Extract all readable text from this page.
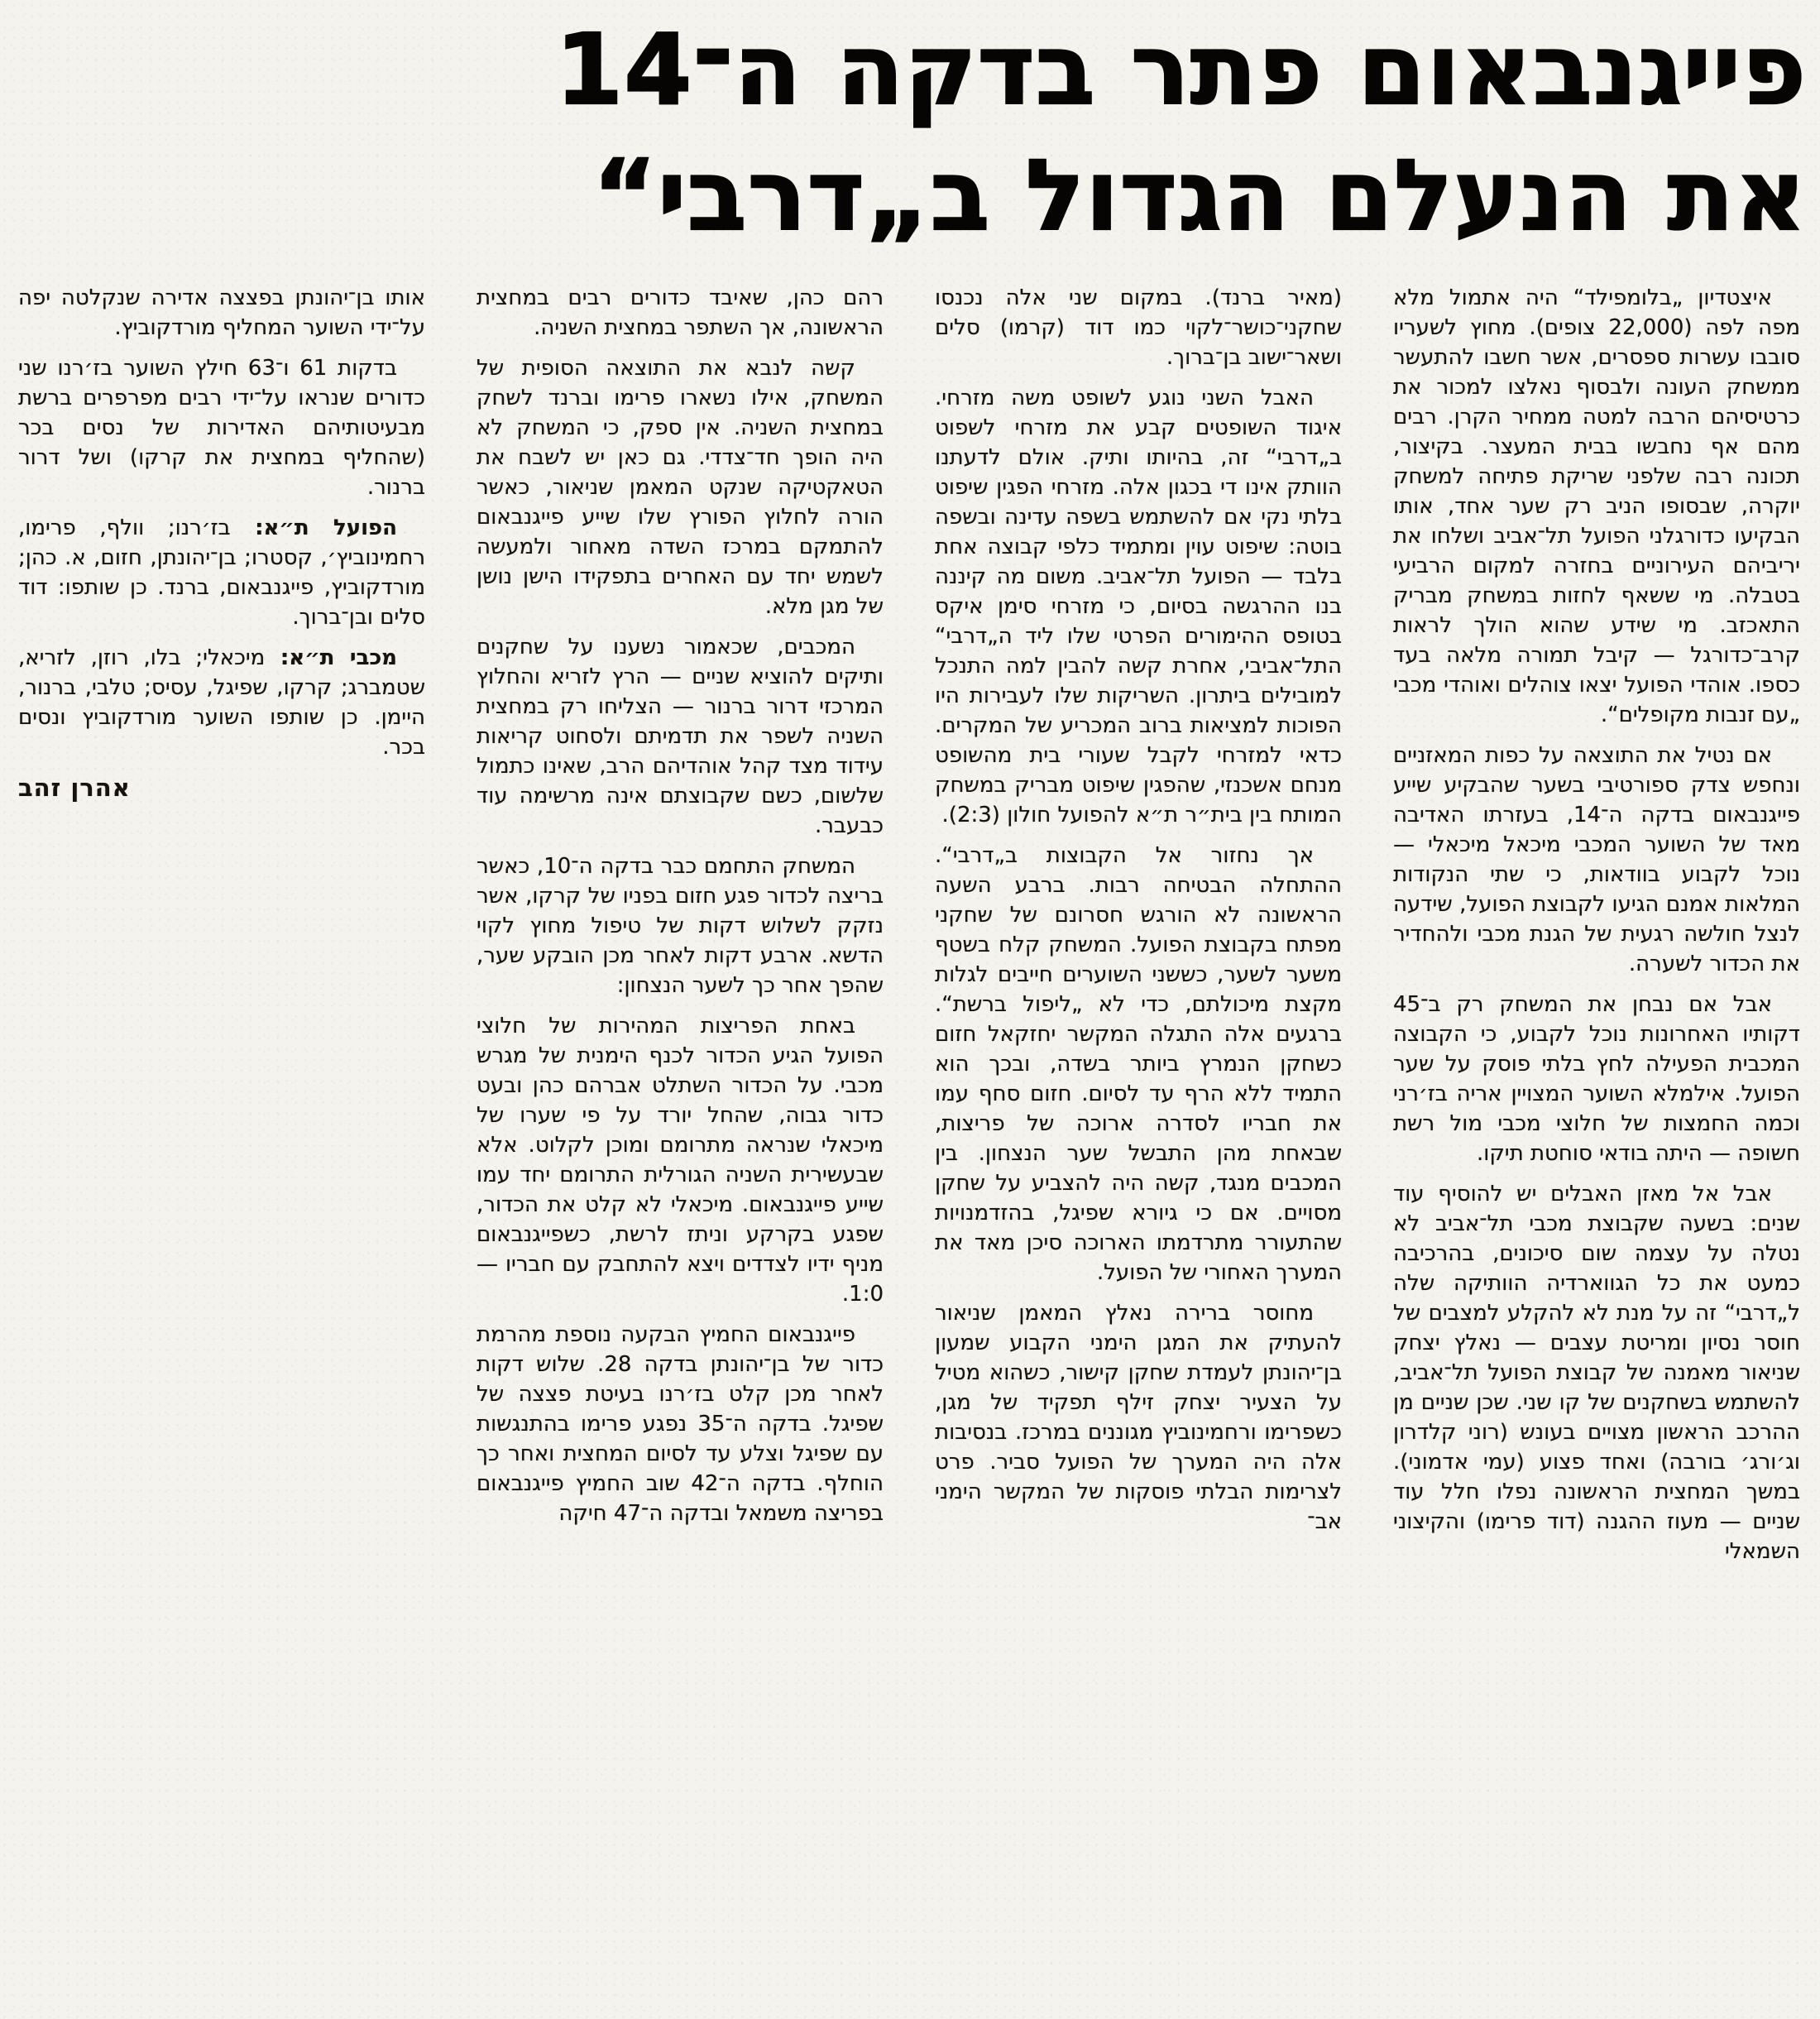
פייגנבאום פתר בדקה ה־14
את הנעלם הגדול ב„דרבי“

איצטדיון „בלומפילד“ היה אתמול מלא מפה לפה (22,000 צופים). מחוץ לשעריו סובבו עשרות ספסרים, אשר חשבו להתעשר ממשחק העונה ולבסוף נאלצו למכור את כרטיסיהם הרבה למטה ממחיר הקרן. רבים מהם אף נחבשו בבית המעצר. בקיצור, תכונה רבה שלפני שריקת פתיחה למשחק יוקרה, שבסופו הניב רק שער אחד, אותו הבקיעו כדורגלני הפועל תל־אביב ושלחו את יריביהם העירוניים בחזרה למקום הרביעי בטבלה. מי ששאף לחזות במשחק מבריק התאכזב. מי שידע שהוא הולך לראות קרב־כדורגל — קיבל תמורה מלאה בעד כספו. אוהדי הפועל יצאו צוהלים ואוהדי מכבי „עם זנבות מקופלים“.

אם נטיל את התוצאה על כפות המאזניים ונחפש צדק ספורטיבי בשער שהבקיע שייע פייגנבאום בדקה ה־14, בעזרתו האדיבה מאד של השוער המכבי מיכאל מיכאלי — נוכל לקבוע בוודאות, כי שתי הנקודות המלאות אמנם הגיעו לקבוצת הפועל, שידעה לנצל חולשה רגעית של הגנת מכבי ולהחדיר את הכדור לשערה.

אבל אם נבחן את המשחק רק ב־45 דקותיו האחרונות נוכל לקבוע, כי הקבוצה המכבית הפעילה לחץ בלתי פוסק על שער הפועל. אילמלא השוער המצויין אריה בז׳רני וכמה החמצות של חלוצי מכבי מול רשת חשופה — היתה בודאי סוחטת תיקו.

אבל אל מאזן האבלים יש להוסיף עוד שנים: בשעה שקבוצת מכבי תל־אביב לא נטלה על עצמה שום סיכונים, בהרכיבה כמעט את כל הגווארדיה הוותיקה שלה ל„דרבי“ זה על מנת לא להקלע למצבים של חוסר נסיון ומריטת עצבים — נאלץ יצחק שניאור מאמנה של קבוצת הפועל תל־אביב, להשתמש בשחקנים של קו שני. שכן שניים מן ההרכב הראשון מצויים בעונש (רוני קלדרון וג׳ורג׳ בורבה) ואחד פצוע (עמי אדמוני). במשך המחצית הראשונה נפלו חלל עוד שניים — מעוז ההגנה (דוד פרימו) והקיצוני השמאלי

(מאיר ברנד). במקום שני אלה נכנסו שחקני־כושר־לקוי כמו דוד (קרמו) סלים ושאר־ישוב בן־ברוך.

האבל השני נוגע לשופט משה מזרחי. איגוד השופטים קבע את מזרחי לשפוט ב„דרבי“ זה, בהיותו ותיק. אולם לדעתנו הוותק אינו די בכגון אלה. מזרחי הפגין שיפוט בלתי נקי אם להשתמש בשפה עדינה ובשפה בוטה: שיפוט עוין ומתמיד כלפי קבוצה אחת בלבד — הפועל תל־אביב. משום מה קיננה בנו ההרגשה בסיום, כי מזרחי סימן איקס בטופס ההימורים הפרטי שלו ליד ה„דרבי“ התל־אביבי, אחרת קשה להבין למה התנכל למובילים ביתרון. השריקות שלו לעבירות היו הפוכות למציאות ברוב המכריע של המקרים. כדאי למזרחי לקבל שעורי בית מהשופט מנחם אשכנזי, שהפגין שיפוט מבריק במשחק המותח בין בית״ר ת״א להפועל חולון (2:3).

אך נחזור אל הקבוצות ב„דרבי“. ההתחלה הבטיחה רבות. ברבע השעה הראשונה לא הורגש חסרונם של שחקני מפתח בקבוצת הפועל. המשחק קלח בשטף משער לשער, כששני השוערים חייבים לגלות מקצת מיכולתם, כדי לא „ליפול ברשת“. ברגעים אלה התגלה המקשר יחזקאל חזום כשחקן הנמרץ ביותר בשדה, ובכך הוא התמיד ללא הרף עד לסיום. חזום סחף עמו את חבריו לסדרה ארוכה של פריצות, שבאחת מהן התבשל שער הנצחון. בין המכבים מנגד, קשה היה להצביע על שחקן מסויים. אם כי גיורא שפיגל, בהזדמנויות שהתעורר מתרדמתו הארוכה סיכן מאד את המערך האחורי של הפועל.

מחוסר ברירה נאלץ המאמן שניאור להעתיק את המגן הימני הקבוע שמעון בן־יהונתן לעמדת שחקן קישור, כשהוא מטיל על הצעיר יצחק זילף תפקיד של מגן, כשפרימו ורחמינוביץ מגוננים במרכז. בנסיבות אלה היה המערך של הפועל סביר. פרט לצרימות הבלתי פוסקות של המקשר הימני אב־

רהם כהן, שאיבד כדורים רבים במחצית הראשונה, אך השתפר במחצית השניה.

קשה לנבא את התוצאה הסופית של המשחק, אילו נשארו פרימו וברנד לשחק במחצית השניה. אין ספק, כי המשחק לא היה הופך חד־צדדי. גם כאן יש לשבח את הטאקטיקה שנקט המאמן שניאור, כאשר הורה לחלוץ הפורץ שלו שייע פייגנבאום להתמקם במרכז השדה מאחור ולמעשה לשמש יחד עם האחרים בתפקידו הישן נושן של מגן מלא.

המכבים, שכאמור נשענו על שחקנים ותיקים להוציא שניים — הרץ לזריא והחלוץ המרכזי דרור ברנור — הצליחו רק במחצית השניה לשפר את תדמיתם ולסחוט קריאות עידוד מצד קהל אוהדיהם הרב, שאינו כתמול שלשום, כשם שקבוצתם אינה מרשימה עוד כבעבר.

המשחק התחמם כבר בדקה ה־10, כאשר בריצה לכדור פגע חזום בפניו של קרקו, אשר נזקק לשלוש דקות של טיפול מחוץ לקוי הדשא. ארבע דקות לאחר מכן הובקע שער, שהפך אחר כך לשער הנצחון:

באחת הפריצות המהירות של חלוצי הפועל הגיע הכדור לכנף הימנית של מגרש מכבי. על הכדור השתלט אברהם כהן ובעט כדור גבוה, שהחל יורד על פי שערו של מיכאלי שנראה מתרומם ומוכן לקלוט. אלא שבעשירית השניה הגורלית התרומם יחד עמו שייע פייגנבאום. מיכאלי לא קלט את הכדור, שפגע בקרקע וניתז לרשת, כשפייגנבאום מניף ידיו לצדדים ויצא להתחבק עם חבריו — 1:0.

פייגנבאום החמיץ הבקעה נוספת מהרמת כדור של בן־יהונתן בדקה 28. שלוש דקות לאחר מכן קלט בז׳רנו בעיטת פצצה של שפיגל. בדקה ה־35 נפגע פרימו בהתנגשות עם שפיגל וצלע עד לסיום המחצית ואחר כך הוחלף. בדקה ה־42 שוב החמיץ פייגנבאום בפריצה משמאל ובדקה ה־47 חיקה

אותו בן־יהונתן בפצצה אדירה שנקלטה יפה על־ידי השוער המחליף מורדקוביץ.

בדקות 61 ו־63 חילץ השוער בז׳רנו שני כדורים שנראו על־ידי רבים מפרפרים ברשת מבעיטותיהם האדירות של נסים בכר (שהחליף במחצית את קרקו) ושל דרור ברנור.

הפועל ת״א: בז׳רנו; וולף, פרימו, רחמינוביץ׳, קסטרו; בן־יהונתן, חזום, א. כהן; מורדקוביץ, פייגנבאום, ברנד. כן שותפו: דוד סלים ובן־ברוך.

מכבי ת״א: מיכאלי; בלו, רוזן, לזריא, שטמברג; קרקו, שפיגל, עסיס; טלבי, ברנור, היימן. כן שותפו השוער מורדקוביץ ונסים בכר.

אהרן זהב
